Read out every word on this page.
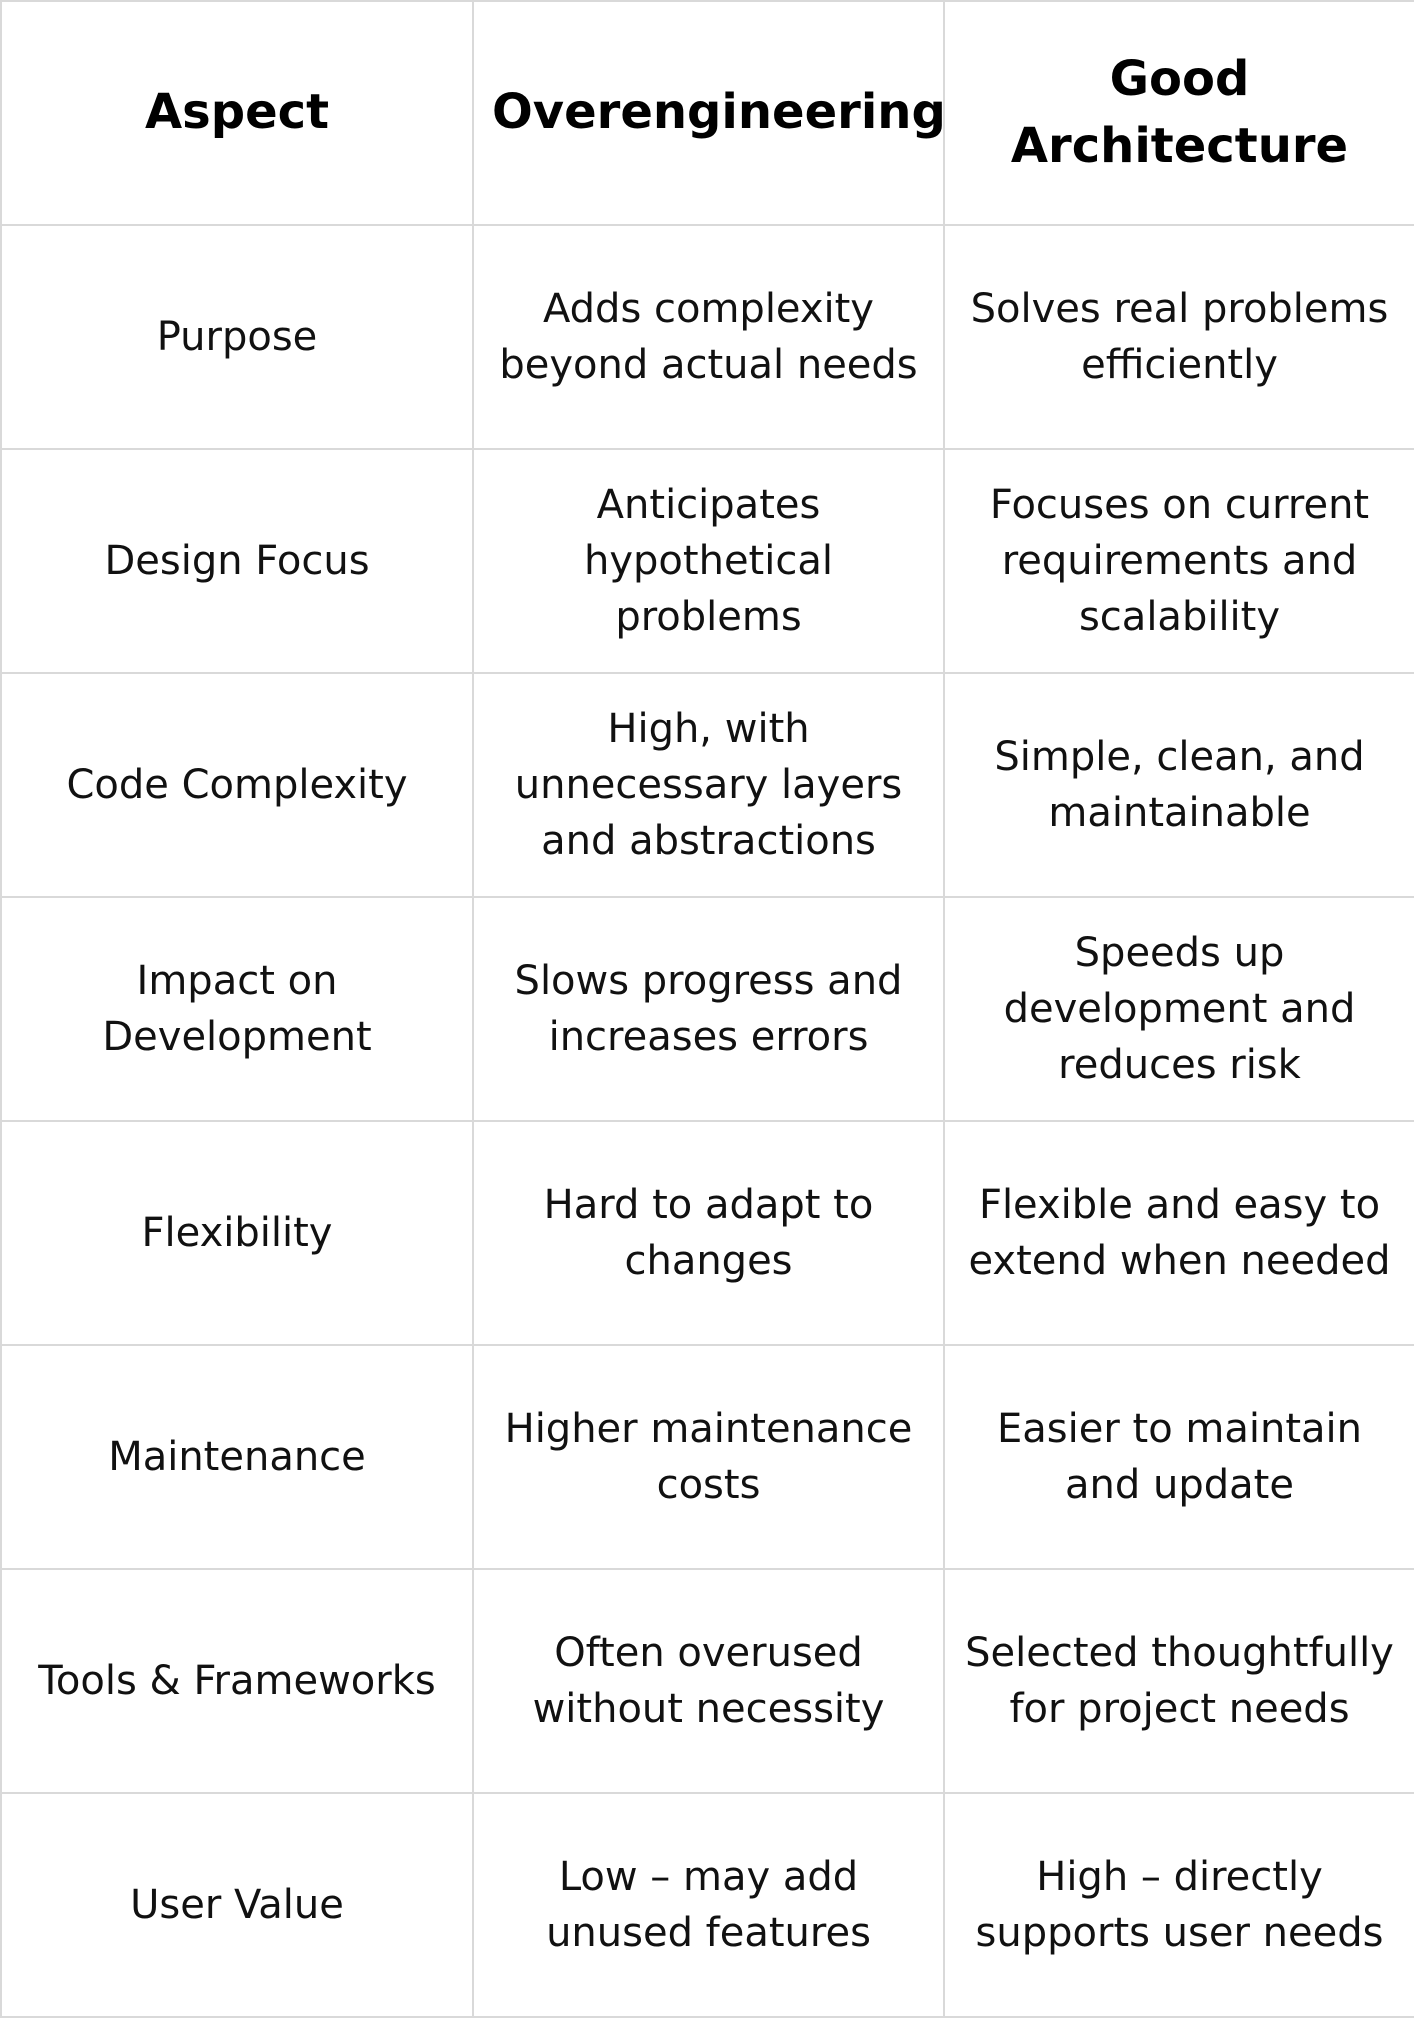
Aspect	Overengineering	Good Architecture
Purpose	Adds complexity beyond actual needs	Solves real problems efficiently
Design Focus	Anticipates hypothetical problems	Focuses on current requirements and scalability
Code Complexity	High, with unnecessary layers and abstractions	Simple, clean, and maintainable
Impact on Development	Slows progress and increases errors	Speeds up development and reduces risk
Flexibility	Hard to adapt to changes	Flexible and easy to extend when needed
Maintenance	Higher maintenance costs	Easier to maintain and update
Tools & Frameworks	Often overused without necessity	Selected thoughtfully for project needs
User Value	Low – may add unused features	High – directly supports user needs
